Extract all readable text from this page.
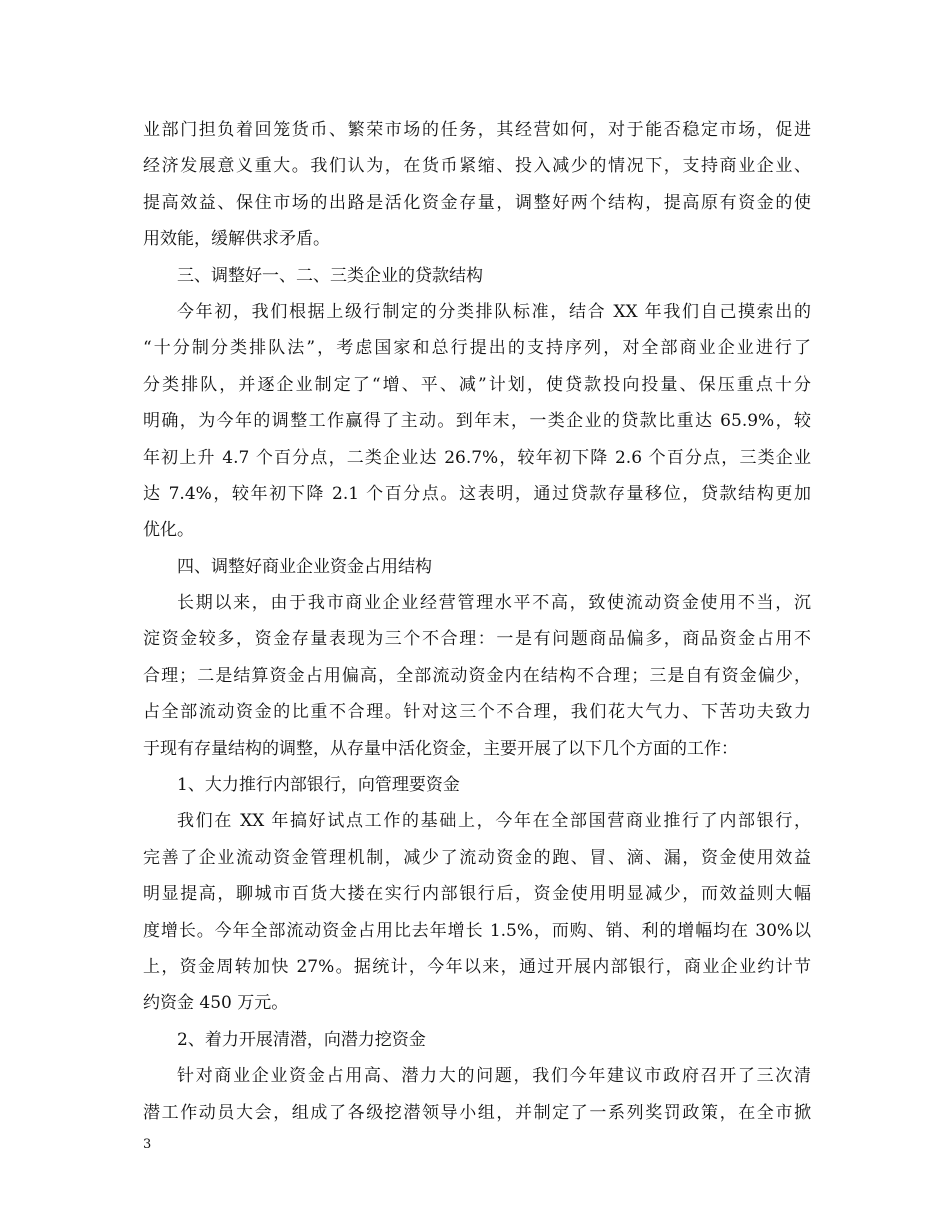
业部门担负着回笼货币、繁荣市场的任务，其经营如何，对于能否稳定市场，促进
经济发展意义重大。我们认为，在货币紧缩、投入减少的情况下，支持商业企业、
提高效益、保住市场的出路是活化资金存量，调整好两个结构，提高原有资金的使
用效能，缓解供求矛盾。
三、调整好一、二、三类企业的贷款结构
今年初，我们根据上级行制定的分类排队标准，结合 XX 年我们自己摸索出的
“十分制分类排队法”，考虑国家和总行提出的支持序列，对全部商业企业进行了
分类排队，并逐企业制定了“增、平、减”计划，使贷款投向投量、保压重点十分
明确，为今年的调整工作赢得了主动。到年末，一类企业的贷款比重达 65.9%，较
年初上升 4.7 个百分点，二类企业达 26.7%，较年初下降 2.6 个百分点，三类企业
达 7.4%，较年初下降 2.1 个百分点。这表明，通过贷款存量移位，贷款结构更加
优化。
四、调整好商业企业资金占用结构
长期以来，由于我市商业企业经营管理水平不高，致使流动资金使用不当，沉
淀资金较多，资金存量表现为三个不合理：一是有问题商品偏多，商品资金占用不
合理；二是结算资金占用偏高，全部流动资金内在结构不合理；三是自有资金偏少，
占全部流动资金的比重不合理。针对这三个不合理，我们花大气力、下苦功夫致力
于现有存量结构的调整，从存量中活化资金，主要开展了以下几个方面的工作：
1、大力推行内部银行，向管理要资金
我们在 XX 年搞好试点工作的基础上，今年在全部国营商业推行了内部银行，
完善了企业流动资金管理机制，减少了流动资金的跑、冒、滴、漏，资金使用效益
明显提高，聊城市百货大搂在实行内部银行后，资金使用明显减少，而效益则大幅
度增长。今年全部流动资金占用比去年增长 1.5%，而购、销、利的增幅均在 30%以
上，资金周转加快 27%。据统计，今年以来，通过开展内部银行，商业企业约计节
约资金 450 万元。
2、着力开展清潜，向潜力挖资金
针对商业企业资金占用高、潜力大的问题，我们今年建议市政府召开了三次清
潜工作动员大会，组成了各级挖潜领导小组，并制定了一系列奖罚政策，在全市掀
3
